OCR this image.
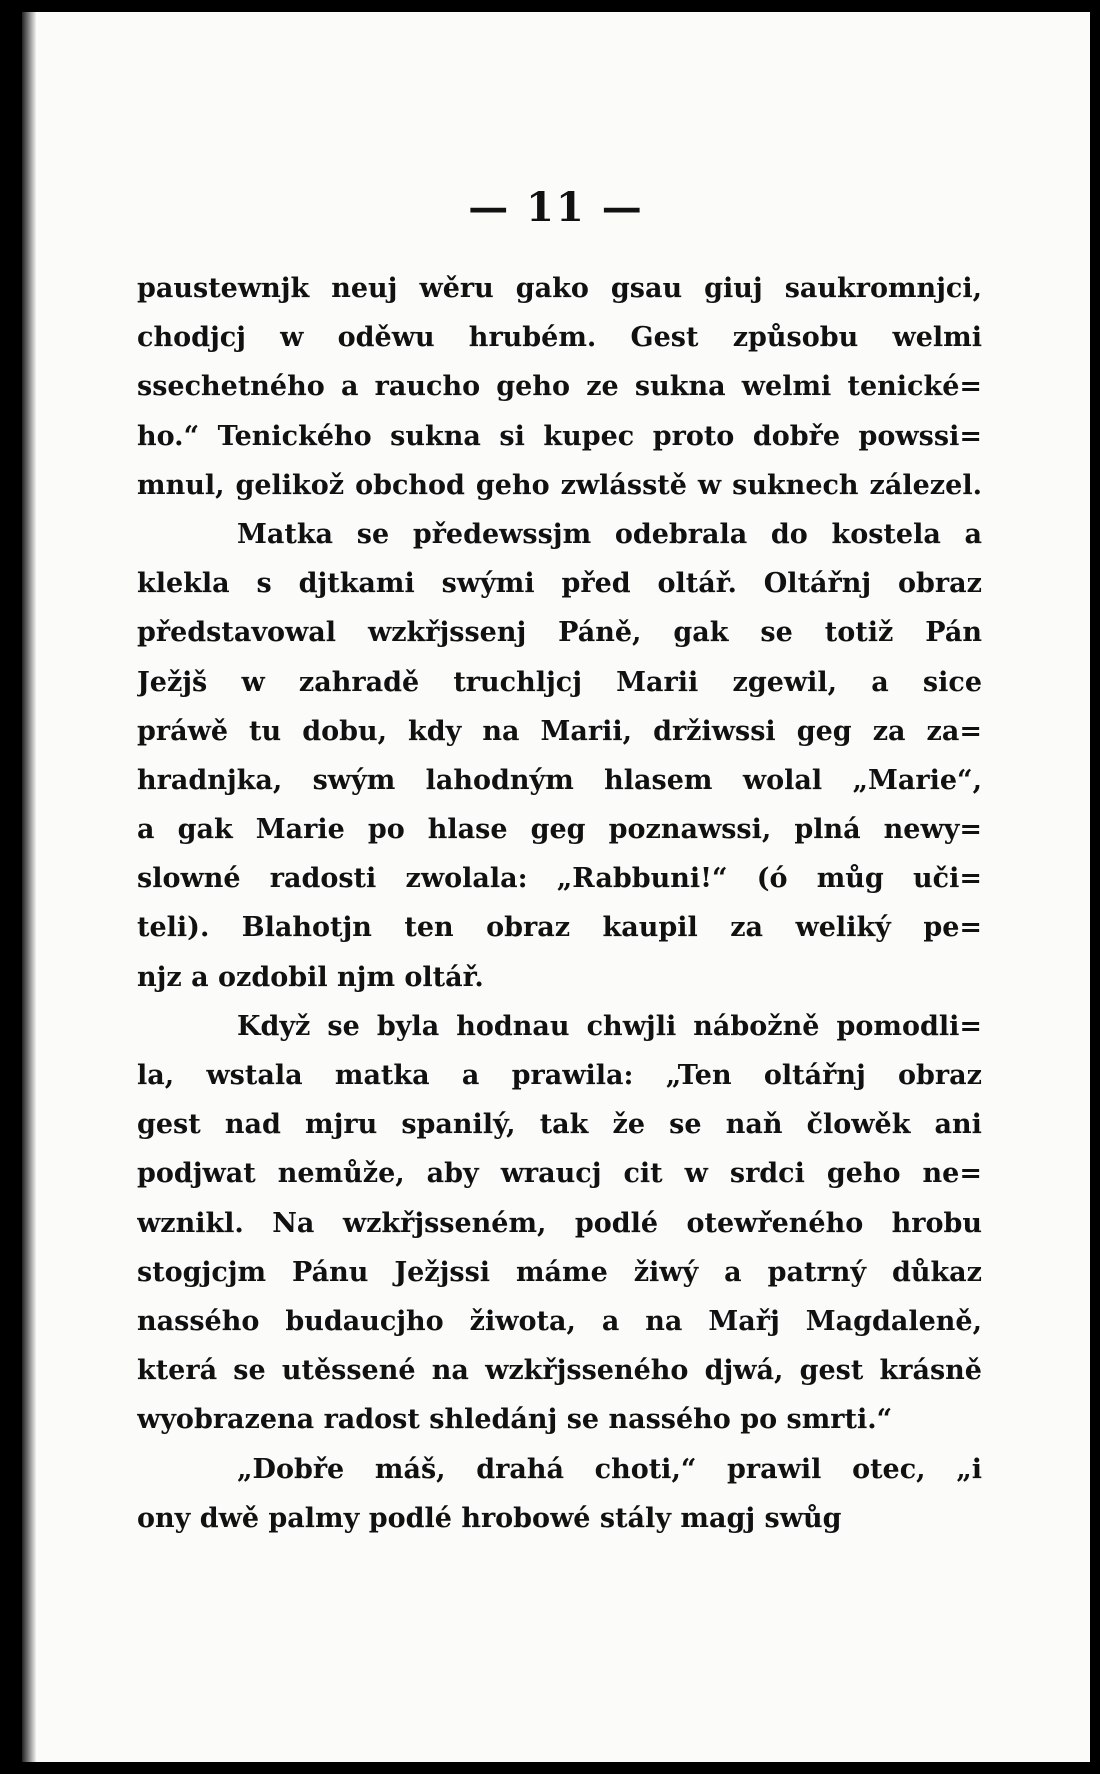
— 11 —
paustewnjk neuj wěru gako gsau giuj saukromnjci,
chodjcj w oděwu hrubém. Gest způsobu welmi
ssechetného a raucho geho ze sukna welmi tenické=
ho.“ Tenického sukna si kupec proto dobře powssi=
mnul, gelikož obchod geho zwlásstě w suknech zálezel.
Matka se předewssjm odebrala do kostela a
klekla s djtkami swými před oltář. Oltářnj obraz
představowal wzkřjssenj Páně, gak se totiž Pán
Ježjš w zahradě truchljcj Marii zgewil, a sice
práwě tu dobu, kdy na Marii, držiwssi geg za za=
hradnjka, swým lahodným hlasem wolal „Marie“,
a gak Marie po hlase geg poznawssi, plná newy=
slowné radosti zwolala: „Rabbuni!“ (ó můg uči=
teli). Blahotjn ten obraz kaupil za weliký pe=
njz a ozdobil njm oltář.
Když se byla hodnau chwjli nábožně pomodli=
la, wstala matka a prawila: „Ten oltářnj obraz
gest nad mjru spanilý, tak že se naň člowěk ani
podjwat nemůže, aby wraucj cit w srdci geho ne=
wznikl. Na wzkřjsseném, podlé otewřeného hrobu
stogjcjm Pánu Ježjssi máme žiwý a patrný důkaz
nassého budaucjho žiwota, a na Mařj Magdaleně,
která se utěssené na wzkřjsseného djwá, gest krásně
wyobrazena radost shledánj se nassého po smrti.“
„Dobře máš, drahá choti,“ prawil otec, „i
ony dwě palmy podlé hrobowé stály magj swůg
